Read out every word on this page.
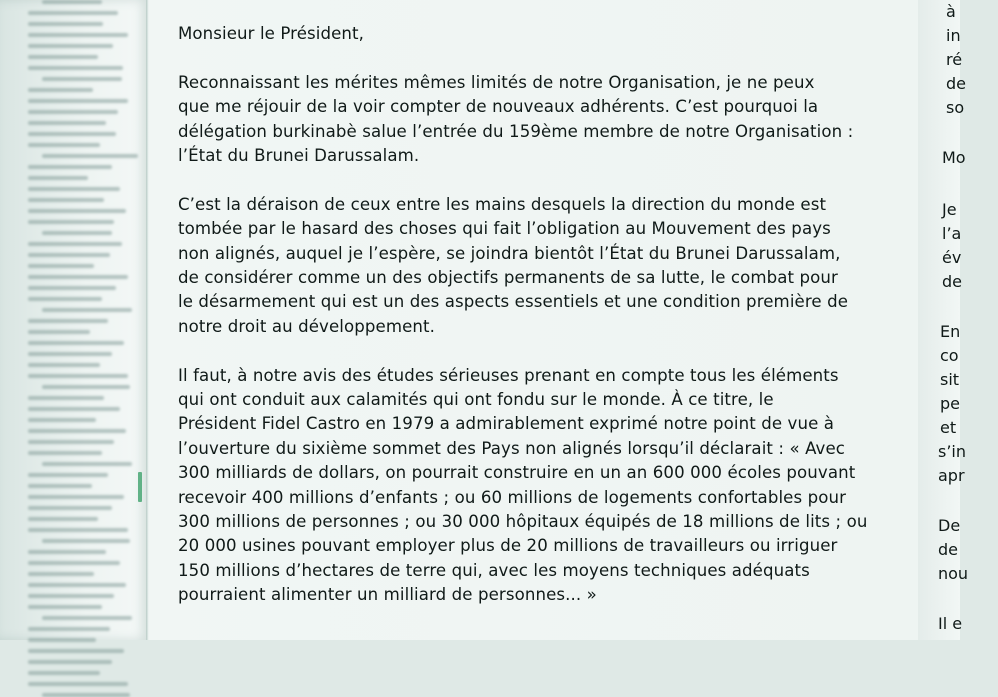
Monsieur le Président,

Reconnaissant les mérites mêmes limités de notre Organisation, je ne peux
que me réjouir de la voir compter de nouveaux adhérents. C’est pourquoi la
délégation burkinabè salue l’entrée du 159ème membre de notre Organisation :
l’État du Brunei Darussalam.

C’est la déraison de ceux entre les mains desquels la direction du monde est
tombée par le hasard des choses qui fait l’obligation au Mouvement des pays
non alignés, auquel je l’espère, se joindra bientôt l’État du Brunei Darussalam,
de considérer comme un des objectifs permanents de sa lutte, le combat pour
le désarmement qui est un des aspects essentiels et une condition première de
notre droit au développement.

Il faut, à notre avis des études sérieuses prenant en compte tous les éléments
qui ont conduit aux calamités qui ont fondu sur le monde. À ce titre, le
Président Fidel Castro en 1979 a admirablement exprimé notre point de vue à
l’ouverture du sixième sommet des Pays non alignés lorsqu’il déclarait : « Avec
300 milliards de dollars, on pourrait construire en un an 600 000 écoles pouvant
recevoir 400 millions d’enfants ; ou 60 millions de logements confortables pour
300 millions de personnes ; ou 30 000 hôpitaux équipés de 18 millions de lits ; ou
20 000 usines pouvant employer plus de 20 millions de travailleurs ou irriguer
150 millions d’hectares de terre qui, avec les moyens techniques adéquats
pourraient alimenter un milliard de personnes... »

à
in
ré
de
so
Mo
Je
l’a
év
de
En
co
sit
pe
et
s’in
apr
De
de
nou
Il e
